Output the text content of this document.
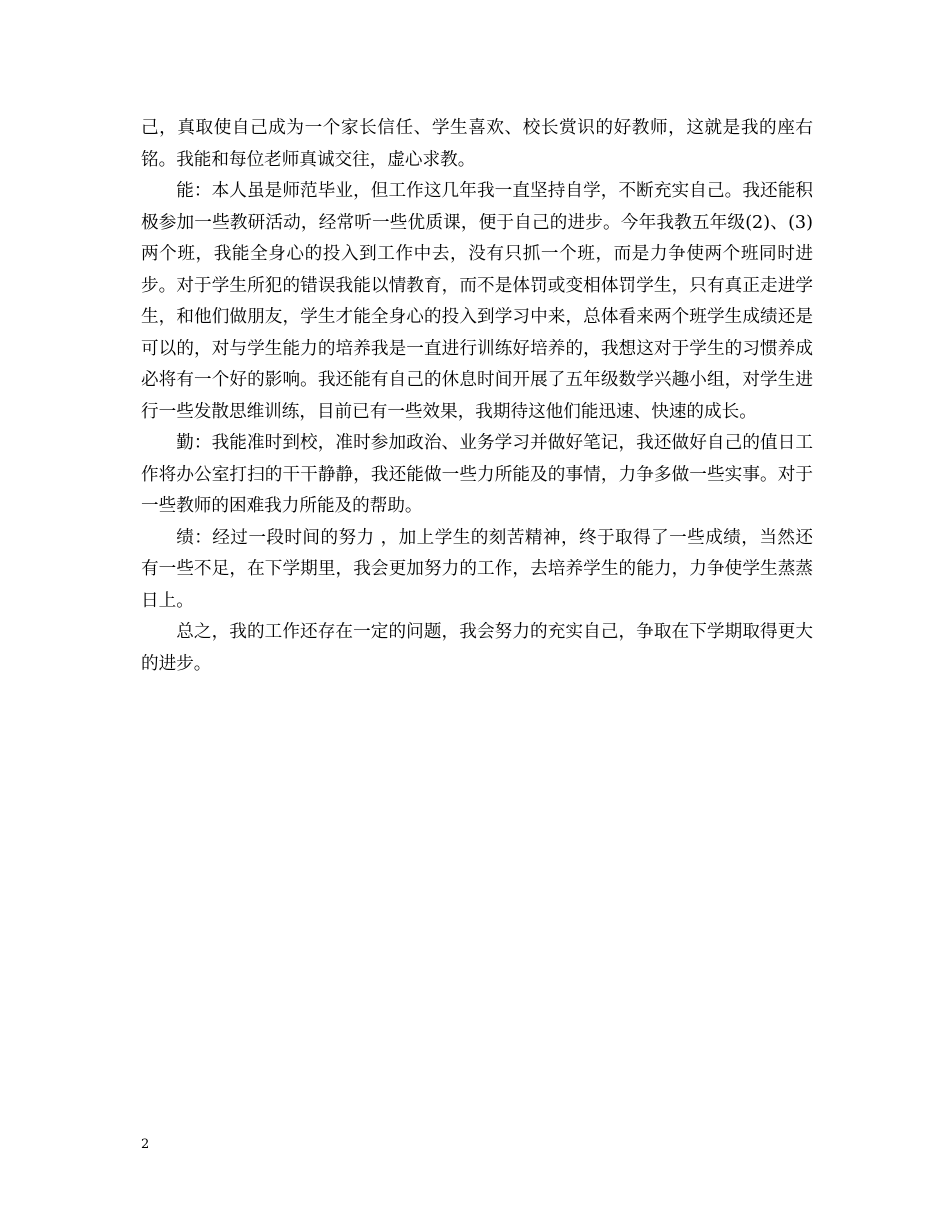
己，真取使自己成为一个家长信任、学生喜欢、校长赏识的好教师，这就是我的座右铭。我能和每位老师真诚交往，虚心求教。

能：本人虽是师范毕业，但工作这几年我一直坚持自学，不断充实自己。我还能积极参加一些教研活动，经常听一些优质课，便于自己的进步。今年我教五年级(2)、(3)两个班，我能全身心的投入到工作中去，没有只抓一个班，而是力争使两个班同时进步。对于学生所犯的错误我能以情教育，而不是体罚或变相体罚学生，只有真正走进学生，和他们做朋友，学生才能全身心的投入到学习中来，总体看来两个班学生成绩还是可以的，对与学生能力的培养我是一直进行训练好培养的，我想这对于学生的习惯养成必将有一个好的影响。我还能有自己的休息时间开展了五年级数学兴趣小组，对学生进行一些发散思维训练，目前已有一些效果，我期待这他们能迅速、快速的成长。

勤：我能准时到校，准时参加政治、业务学习并做好笔记，我还做好自己的值日工作将办公室打扫的干干静静，我还能做一些力所能及的事情，力争多做一些实事。对于一些教师的困难我力所能及的帮助。

绩：经过一段时间的努力 ，加上学生的刻苦精神，终于取得了一些成绩，当然还有一些不足，在下学期里，我会更加努力的工作，去培养学生的能力，力争使学生蒸蒸日上。

总之，我的工作还存在一定的问题，我会努力的充实自己，争取在下学期取得更大的进步。

2
